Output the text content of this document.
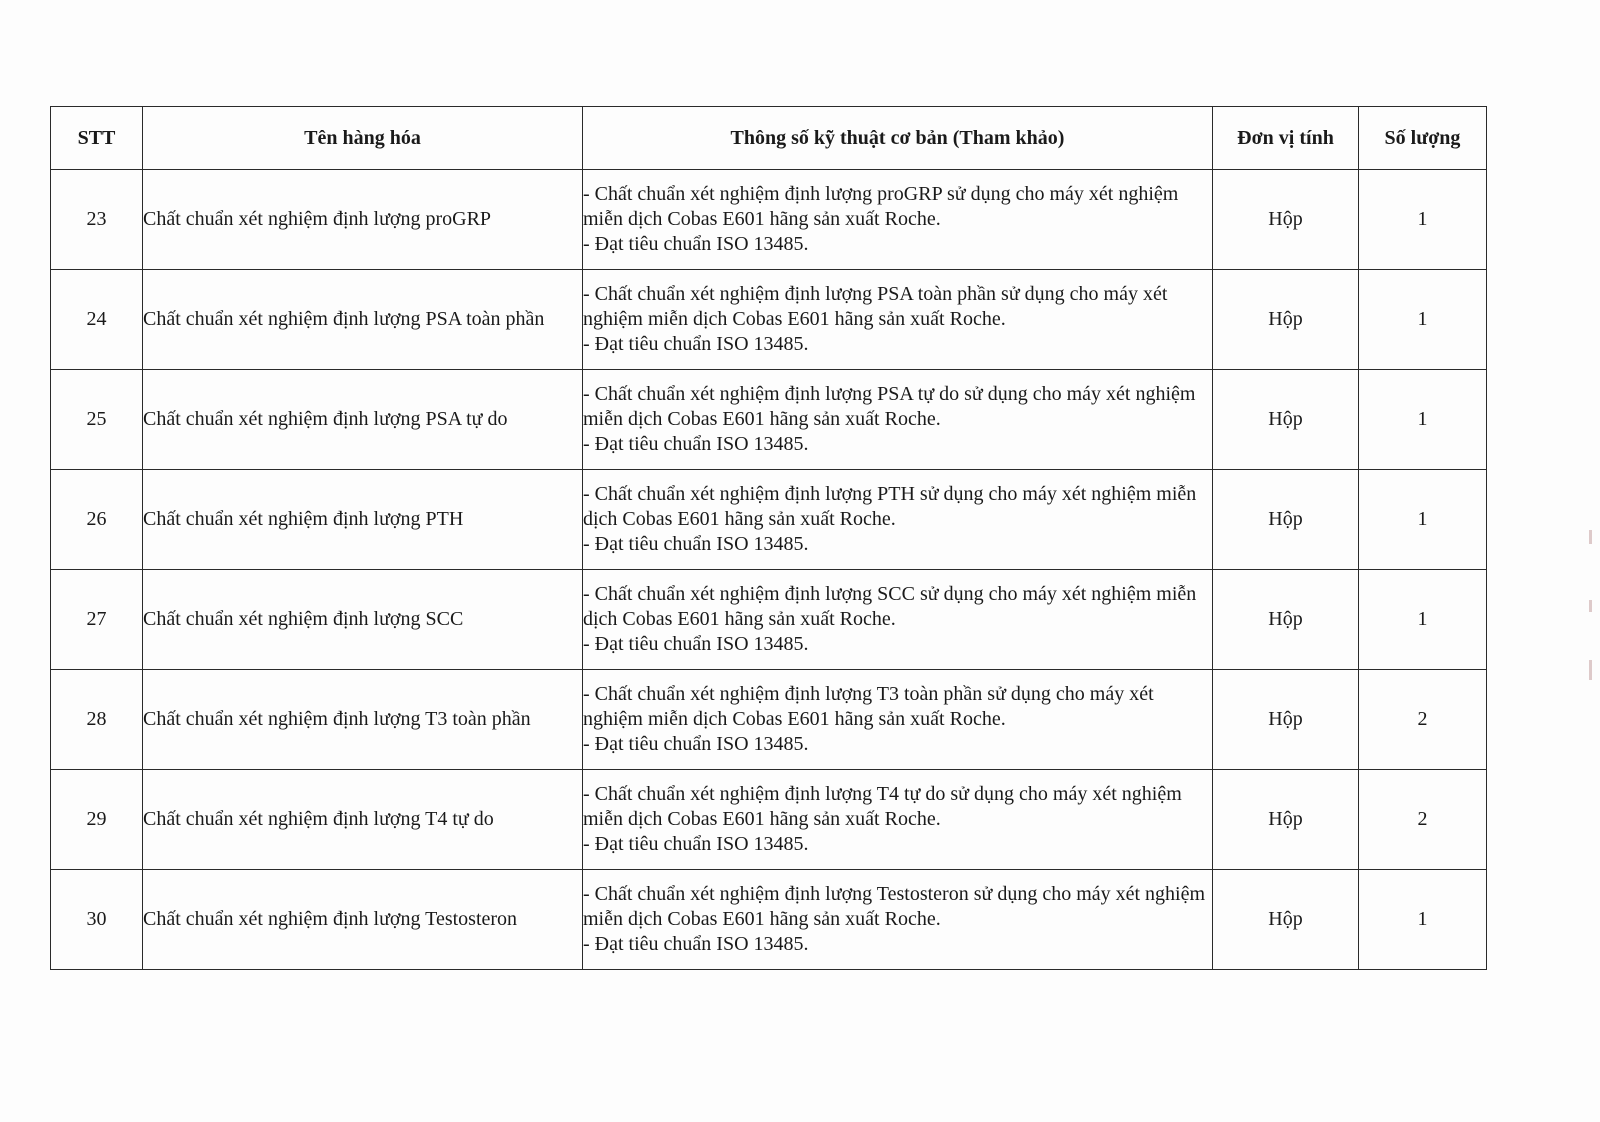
STT	Tên hàng hóa	Thông số kỹ thuật cơ bản (Tham khảo)	Đơn vị tính	Số lượng
23	Chất chuẩn xét nghiệm định lượng proGRP	- Chất chuẩn xét nghiệm định lượng proGRP sử dụng cho máy xét nghiệm miễn dịch Cobas E601 hãng sản xuất Roche.
- Đạt tiêu chuẩn ISO 13485.	Hộp	1
24	Chất chuẩn xét nghiệm định lượng PSA toàn phần	- Chất chuẩn xét nghiệm định lượng PSA toàn phần sử dụng cho máy xét nghiệm miễn dịch Cobas E601 hãng sản xuất Roche.
- Đạt tiêu chuẩn ISO 13485.	Hộp	1
25	Chất chuẩn xét nghiệm định lượng PSA tự do	- Chất chuẩn xét nghiệm định lượng PSA tự do sử dụng cho máy xét nghiệm miễn dịch Cobas E601 hãng sản xuất Roche.
- Đạt tiêu chuẩn ISO 13485.	Hộp	1
26	Chất chuẩn xét nghiệm định lượng PTH	- Chất chuẩn xét nghiệm định lượng PTH sử dụng cho máy xét nghiệm miễn dịch Cobas E601 hãng sản xuất Roche.
- Đạt tiêu chuẩn ISO 13485.	Hộp	1
27	Chất chuẩn xét nghiệm định lượng SCC	- Chất chuẩn xét nghiệm định lượng SCC sử dụng cho máy xét nghiệm miễn dịch Cobas E601 hãng sản xuất Roche.
- Đạt tiêu chuẩn ISO 13485.	Hộp	1
28	Chất chuẩn xét nghiệm định lượng T3 toàn phần	- Chất chuẩn xét nghiệm định lượng T3 toàn phần sử dụng cho máy xét nghiệm miễn dịch Cobas E601 hãng sản xuất Roche.
- Đạt tiêu chuẩn ISO 13485.	Hộp	2
29	Chất chuẩn xét nghiệm định lượng T4 tự do	- Chất chuẩn xét nghiệm định lượng T4 tự do sử dụng cho máy xét nghiệm miễn dịch Cobas E601 hãng sản xuất Roche.
- Đạt tiêu chuẩn ISO 13485.	Hộp	2
30	Chất chuẩn xét nghiệm định lượng Testosteron	- Chất chuẩn xét nghiệm định lượng Testosteron sử dụng cho máy xét nghiệm miễn dịch Cobas E601 hãng sản xuất Roche.
- Đạt tiêu chuẩn ISO 13485.	Hộp	1
